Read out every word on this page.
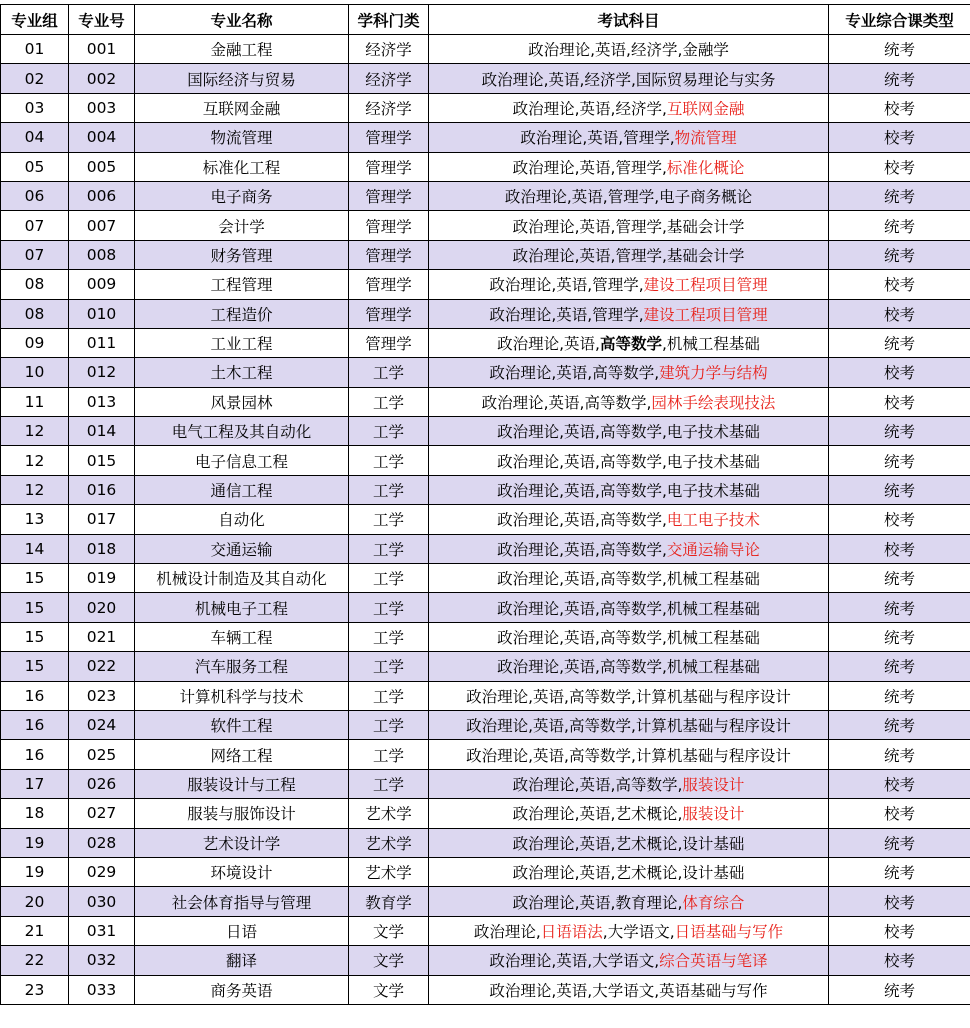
专业组	专业号	专业名称	学科门类	考试科目	专业综合课类型
01	001	金融工程	经济学	政治理论,英语,经济学,金融学	统考
02	002	国际经济与贸易	经济学	政治理论,英语,经济学,国际贸易理论与实务	统考
03	003	互联网金融	经济学	政治理论,英语,经济学,互联网金融	校考
04	004	物流管理	管理学	政治理论,英语,管理学,物流管理	校考
05	005	标准化工程	管理学	政治理论,英语,管理学,标准化概论	校考
06	006	电子商务	管理学	政治理论,英语,管理学,电子商务概论	统考
07	007	会计学	管理学	政治理论,英语,管理学,基础会计学	统考
07	008	财务管理	管理学	政治理论,英语,管理学,基础会计学	统考
08	009	工程管理	管理学	政治理论,英语,管理学,建设工程项目管理	校考
08	010	工程造价	管理学	政治理论,英语,管理学,建设工程项目管理	校考
09	011	工业工程	管理学	政治理论,英语,高等数学,机械工程基础	统考
10	012	土木工程	工学	政治理论,英语,高等数学,建筑力学与结构	校考
11	013	风景园林	工学	政治理论,英语,高等数学,园林手绘表现技法	校考
12	014	电气工程及其自动化	工学	政治理论,英语,高等数学,电子技术基础	统考
12	015	电子信息工程	工学	政治理论,英语,高等数学,电子技术基础	统考
12	016	通信工程	工学	政治理论,英语,高等数学,电子技术基础	统考
13	017	自动化	工学	政治理论,英语,高等数学,电工电子技术	校考
14	018	交通运输	工学	政治理论,英语,高等数学,交通运输导论	校考
15	019	机械设计制造及其自动化	工学	政治理论,英语,高等数学,机械工程基础	统考
15	020	机械电子工程	工学	政治理论,英语,高等数学,机械工程基础	统考
15	021	车辆工程	工学	政治理论,英语,高等数学,机械工程基础	统考
15	022	汽车服务工程	工学	政治理论,英语,高等数学,机械工程基础	统考
16	023	计算机科学与技术	工学	政治理论,英语,高等数学,计算机基础与程序设计	统考
16	024	软件工程	工学	政治理论,英语,高等数学,计算机基础与程序设计	统考
16	025	网络工程	工学	政治理论,英语,高等数学,计算机基础与程序设计	统考
17	026	服装设计与工程	工学	政治理论,英语,高等数学,服装设计	校考
18	027	服装与服饰设计	艺术学	政治理论,英语,艺术概论,服装设计	校考
19	028	艺术设计学	艺术学	政治理论,英语,艺术概论,设计基础	统考
19	029	环境设计	艺术学	政治理论,英语,艺术概论,设计基础	统考
20	030	社会体育指导与管理	教育学	政治理论,英语,教育理论,体育综合	校考
21	031	日语	文学	政治理论,日语语法,大学语文,日语基础与写作	校考
22	032	翻译	文学	政治理论,英语,大学语文,综合英语与笔译	校考
23	033	商务英语	文学	政治理论,英语,大学语文,英语基础与写作	统考
